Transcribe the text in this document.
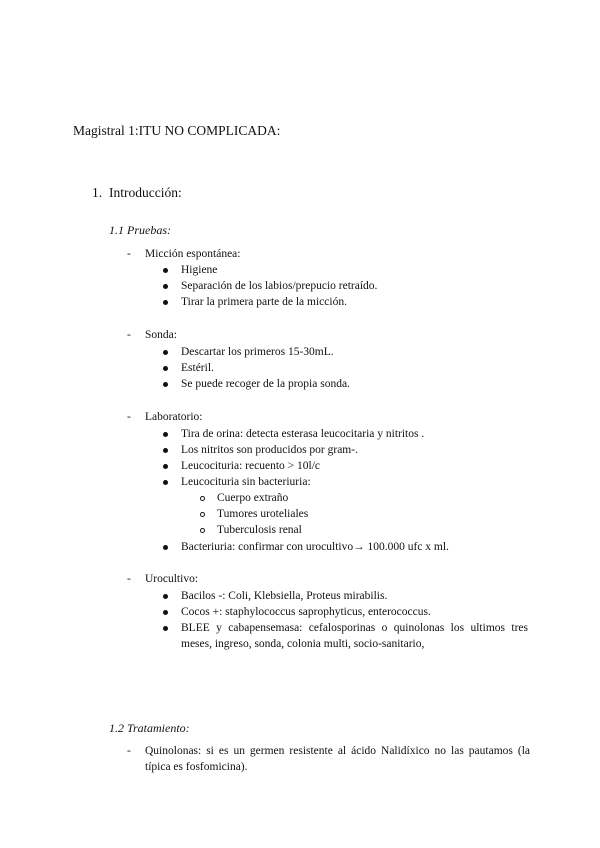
Magistral 1:ITU NO COMPLICADA:
1. Introducción:
1.1 Pruebas:
- Micción espontánea:
Higiene
Separación de los labios/prepucio retraído.
Tirar la primera parte de la micción.
- Sonda:
Descartar los primeros 15-30mL.
Estéril.
Se puede recoger de la propia sonda.
- Laboratorio:
Tira de orina: detecta esterasa leucocitaria y nitritos .
Los nitritos son producidos por gram-.
Leucocituria: recuento > 10l/c
Leucocituria sin bacteriuria:
Cuerpo extraño
Tumores uroteliales
Tuberculosis renal
Bacteriuria: confirmar con urocultivo→ 100.000 ufc x ml.
- Urocultivo:
Bacilos -: Coli, Klebsiella, Proteus mirabilis.
Cocos +: staphylococcus saprophyticus, enterococcus.
BLEE y cabapensemasa: cefalosporinas o quinolonas los ultimos tres meses, ingreso, sonda, colonia multi, socio-sanitario,
1.2 Tratamiento:
- Quinolonas: si es un germen resistente al ácido Nalidíxico no las pautamos (la típica es fosfomicina).
